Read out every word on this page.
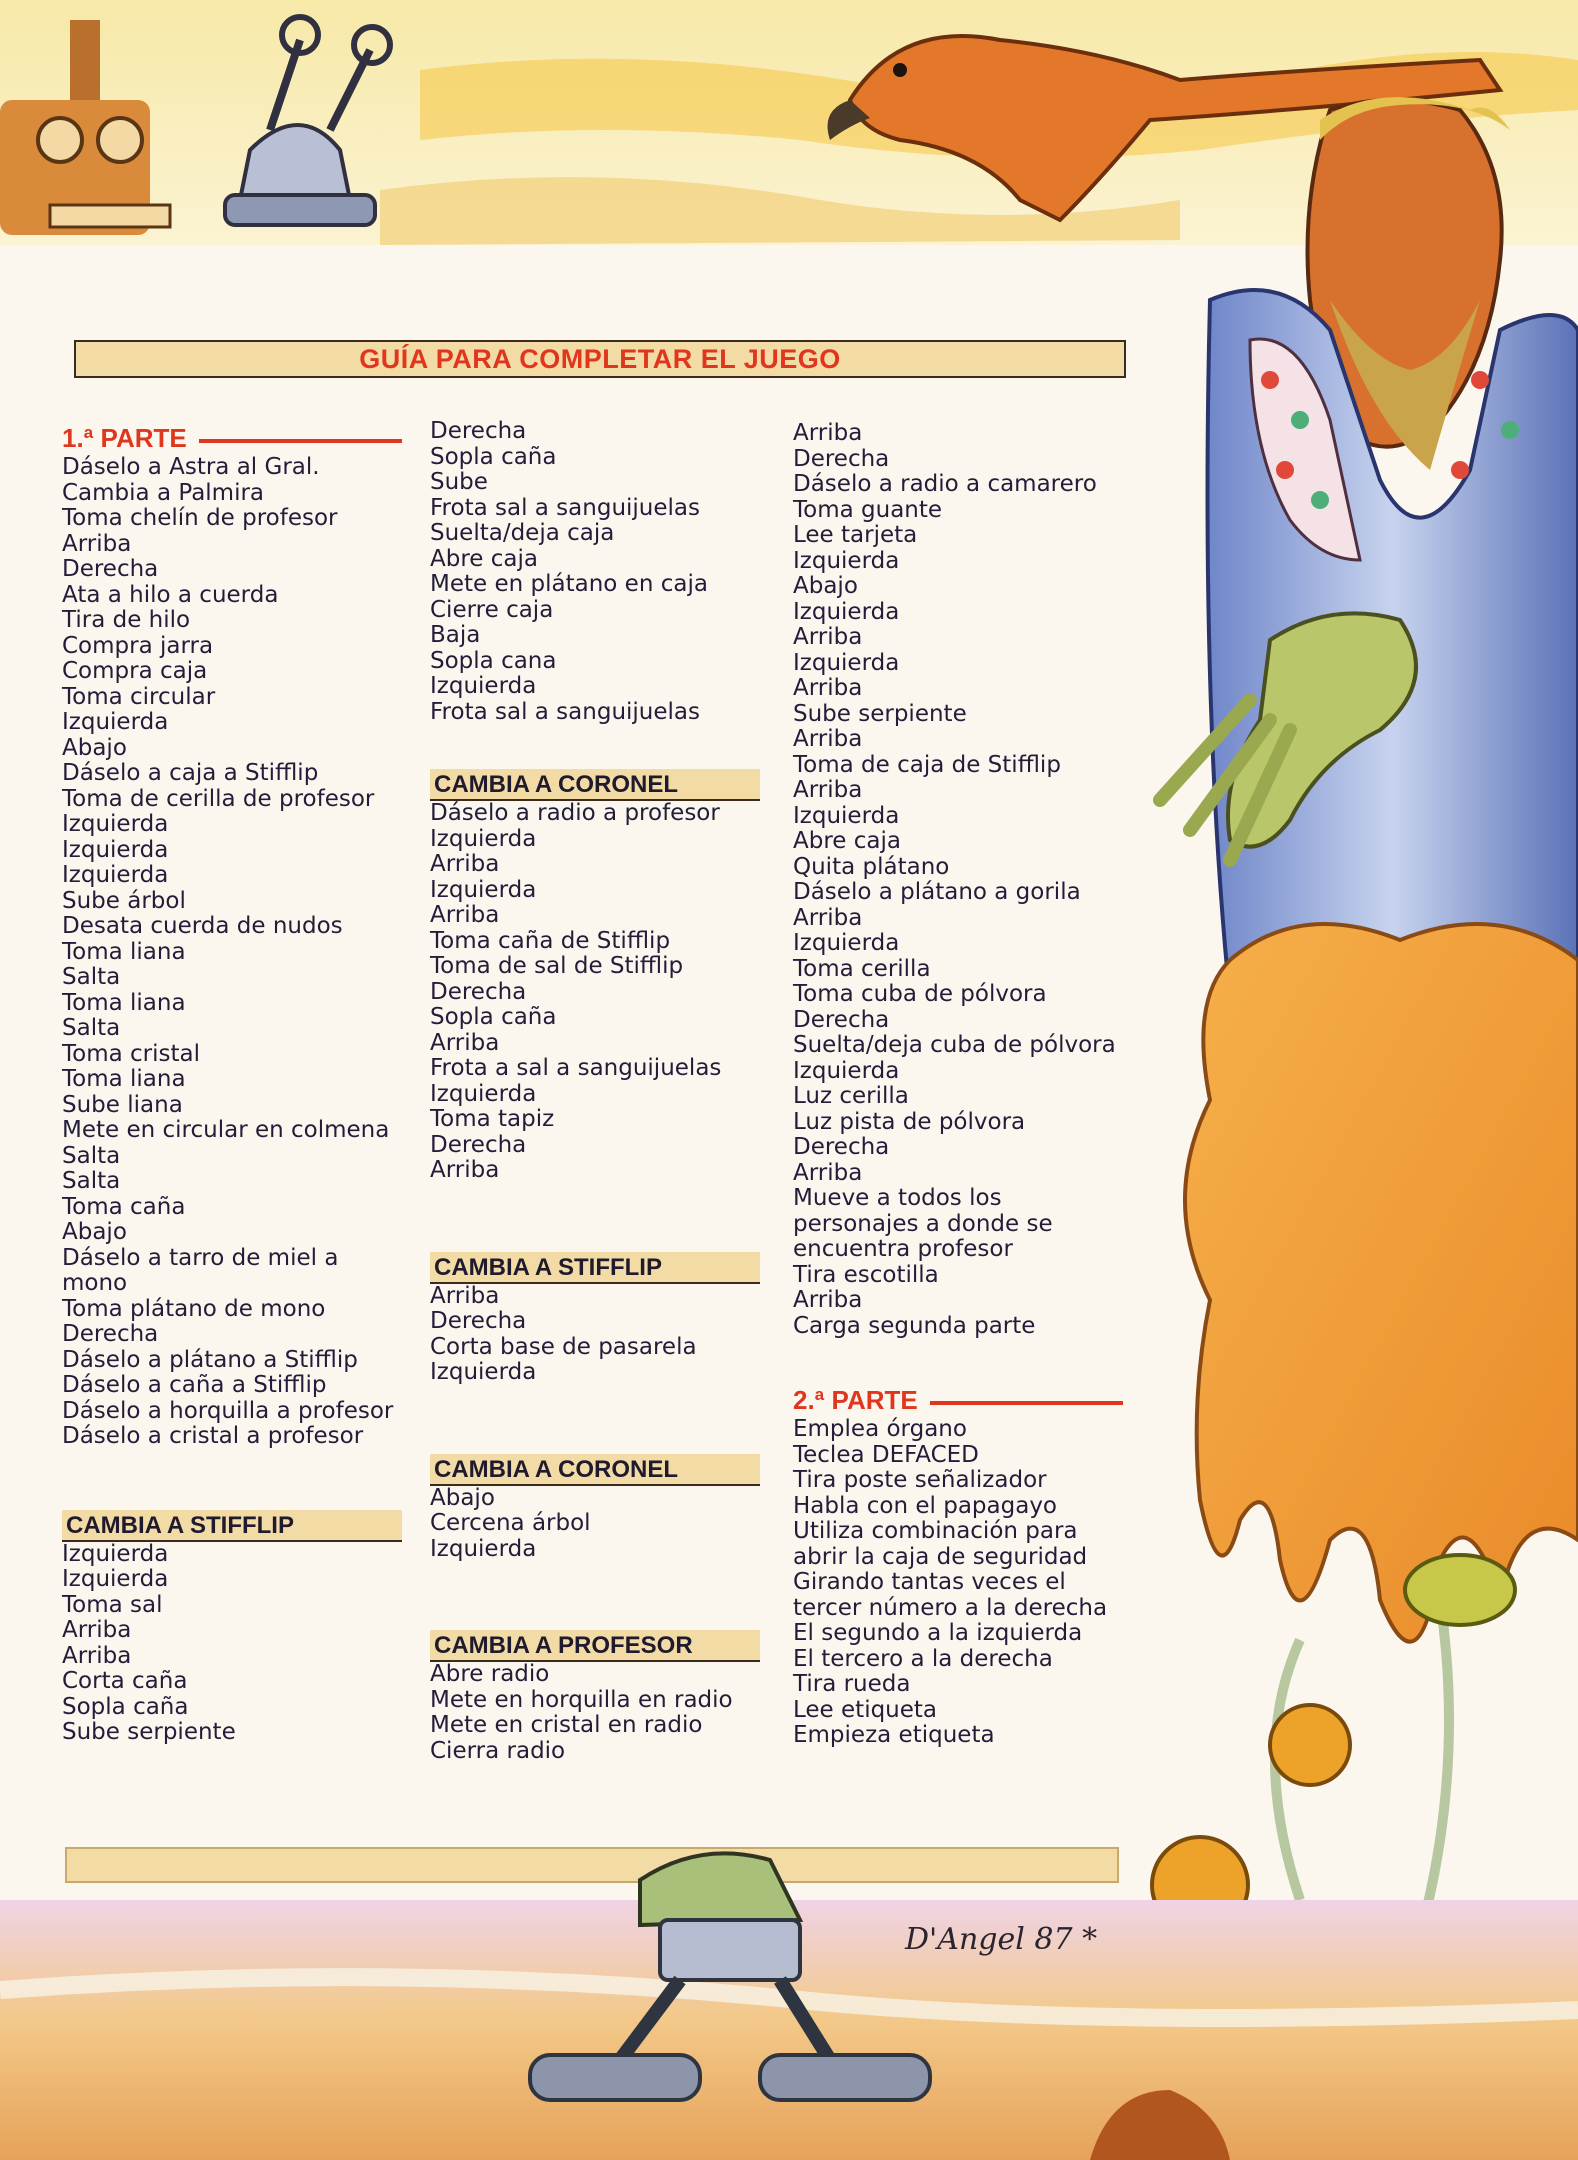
GUÍA PARA COMPLETAR EL JUEGO
1.ª PARTE
Dáselo a Astra al Gral.
Cambia a Palmira
Toma chelín de profesor
Arriba
Derecha
Ata a hilo a cuerda
Tira de hilo
Compra jarra
Compra caja
Toma circular
Izquierda
Abajo
Dáselo a caja a Stifflip
Toma de cerilla de profesor
Izquierda
Izquierda
Izquierda
Sube árbol
Desata cuerda de nudos
Toma liana
Salta
Toma liana
Salta
Toma cristal
Toma liana
Sube liana
Mete en circular en colmena
Salta
Salta
Toma caña
Abajo
Dáselo a tarro de miel a mono
Toma plátano de mono
Derecha
Dáselo a plátano a Stifflip
Dáselo a caña a Stifflip
Dáselo a horquilla a profesor
Dáselo a cristal a profesor
CAMBIA A STIFFLIP
Izquierda
Izquierda
Toma sal
Arriba
Arriba
Corta caña
Sopla caña
Sube serpiente
Derecha
Sopla caña
Sube
Frota sal a sanguijuelas
Suelta/deja caja
Abre caja
Mete en plátano en caja
Cierre caja
Baja
Sopla cana
Izquierda
Frota sal a sanguijuelas
CAMBIA A CORONEL
Dáselo a radio a profesor
Izquierda
Arriba
Izquierda
Arriba
Toma caña de Stifflip
Toma de sal de Stifflip
Derecha
Sopla caña
Arriba
Frota a sal a sanguijuelas
Izquierda
Toma tapiz
Derecha
Arriba
CAMBIA A STIFFLIP
Arriba
Derecha
Corta base de pasarela
Izquierda
CAMBIA A CORONEL
Abajo
Cercena árbol
Izquierda
CAMBIA A PROFESOR
Abre radio
Mete en horquilla en radio
Mete en cristal en radio
Cierra radio
Arriba
Derecha
Dáselo a radio a camarero
Toma guante
Lee tarjeta
Izquierda
Abajo
Izquierda
Arriba
Izquierda
Arriba
Sube serpiente
Arriba
Toma de caja de Stifflip
Arriba
Izquierda
Abre caja
Quita plátano
Dáselo a plátano a gorila
Arriba
Izquierda
Toma cerilla
Toma cuba de pólvora
Derecha
Suelta/deja cuba de pólvora
Izquierda
Luz cerilla
Luz pista de pólvora
Derecha
Arriba
Mueve a todos los personajes a donde se encuentra profesor
Tira escotilla
Arriba
Carga segunda parte
2.ª PARTE
Emplea órgano
Teclea DEFACED
Tira poste señalizador
Habla con el papagayo
Utiliza combinación para abrir la caja de seguridad
Girando tantas veces el tercer número a la derecha
El segundo a la izquierda
El tercero a la derecha
Tira rueda
Lee etiqueta
Empieza etiqueta
D'Angel 87 *
